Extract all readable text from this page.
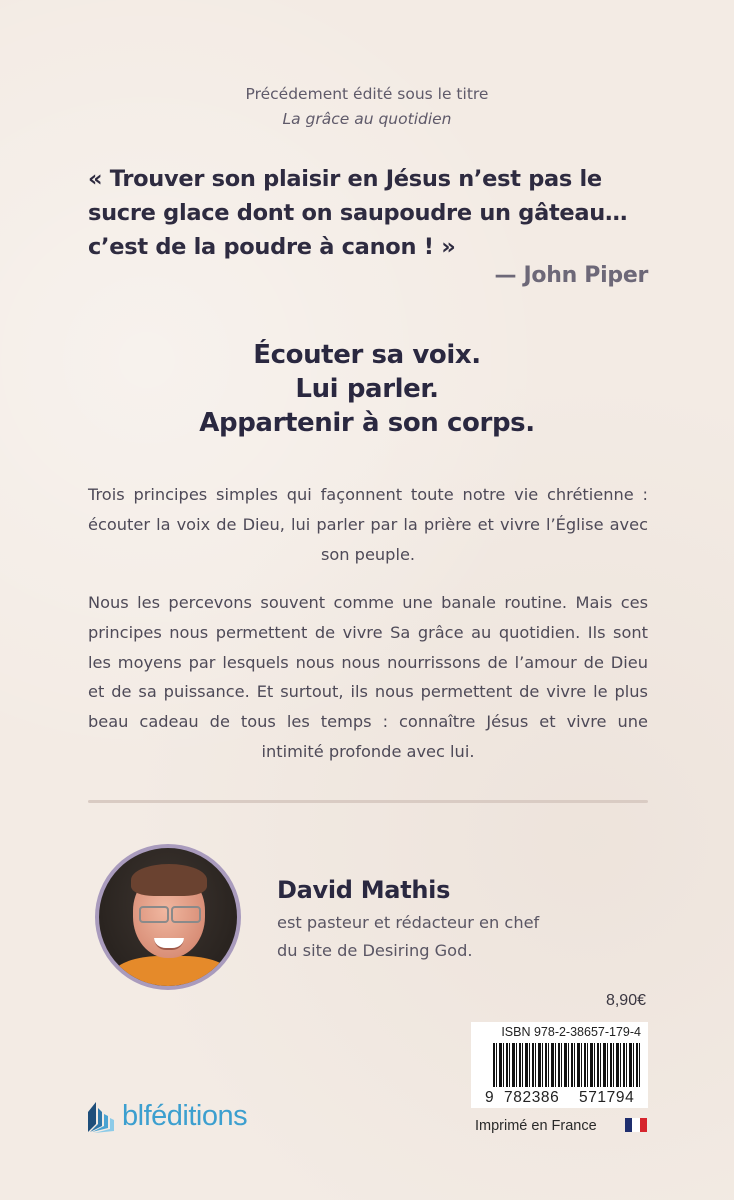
Précédement édité sous le titre
La grâce au quotidien
« Trouver son plaisir en Jésus n’est pas le sucre glace dont on saupoudre un gâteau… c’est de la poudre à canon ! »
— John Piper
Écouter sa voix.
Lui parler.
Appartenir à son corps.
Trois principes simples qui façonnent toute notre vie chrétienne : écouter la voix de Dieu, lui parler par la prière et vivre l’Église avec son peuple.
Nous les percevons souvent comme une banale routine. Mais ces principes nous permettent de vivre Sa grâce au quotidien. Ils sont les moyens par lesquels nous nous nourrissons de l’amour de Dieu et de sa puissance. Et surtout, ils nous permettent de vivre le plus beau cadeau de tous les temps : connaître Jésus et vivre une intimité profonde avec lui.
David Mathis
est pasteur et rédacteur en chef
du site de Desiring God.
8,90€
ISBN 978-2-38657-179-4
9  782386    571794
Imprimé en France
blféditions
